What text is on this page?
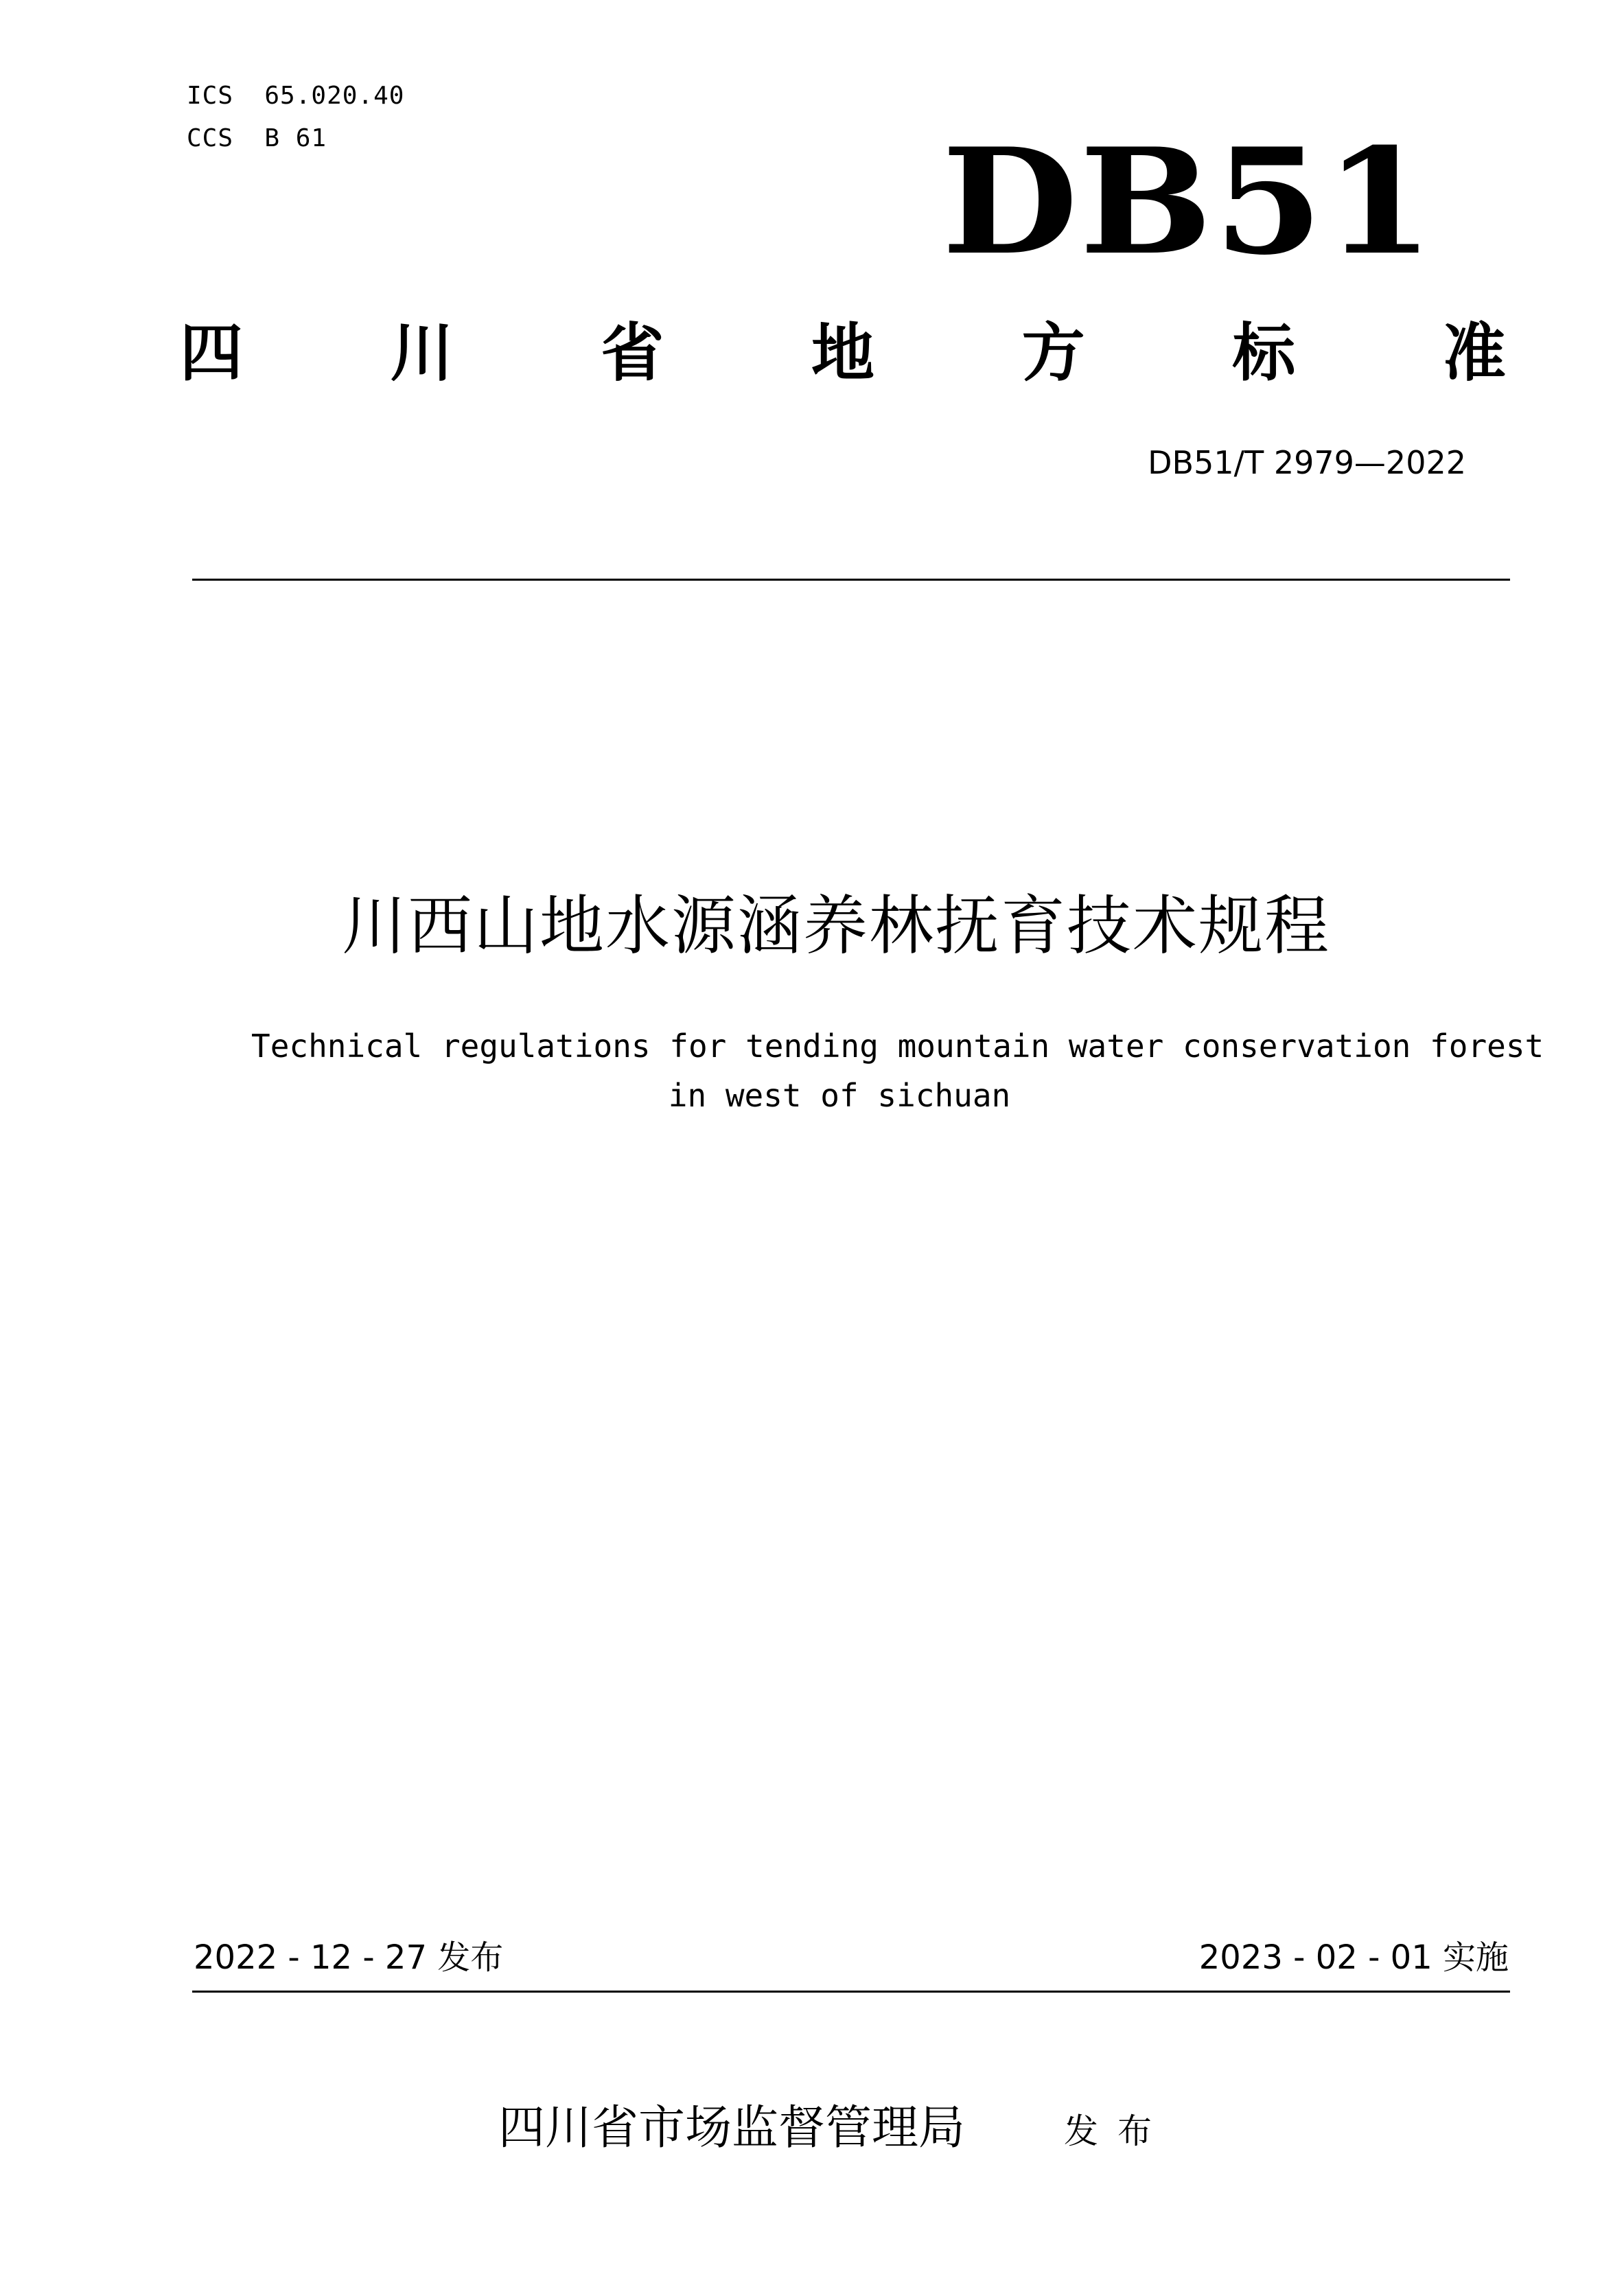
ICS  65.020.40
CCS  B 61	DB51
四 川 省 地 方 标 准
DB51/T 2979—2022
川西山地水源涵养林抚育技术规程
Technical regulations for tending mountain water conservation forest
in west of sichuan
2022 - 12 - 27 发布	2023 - 02 - 01 实施
四川省市场监督管理局	发布
